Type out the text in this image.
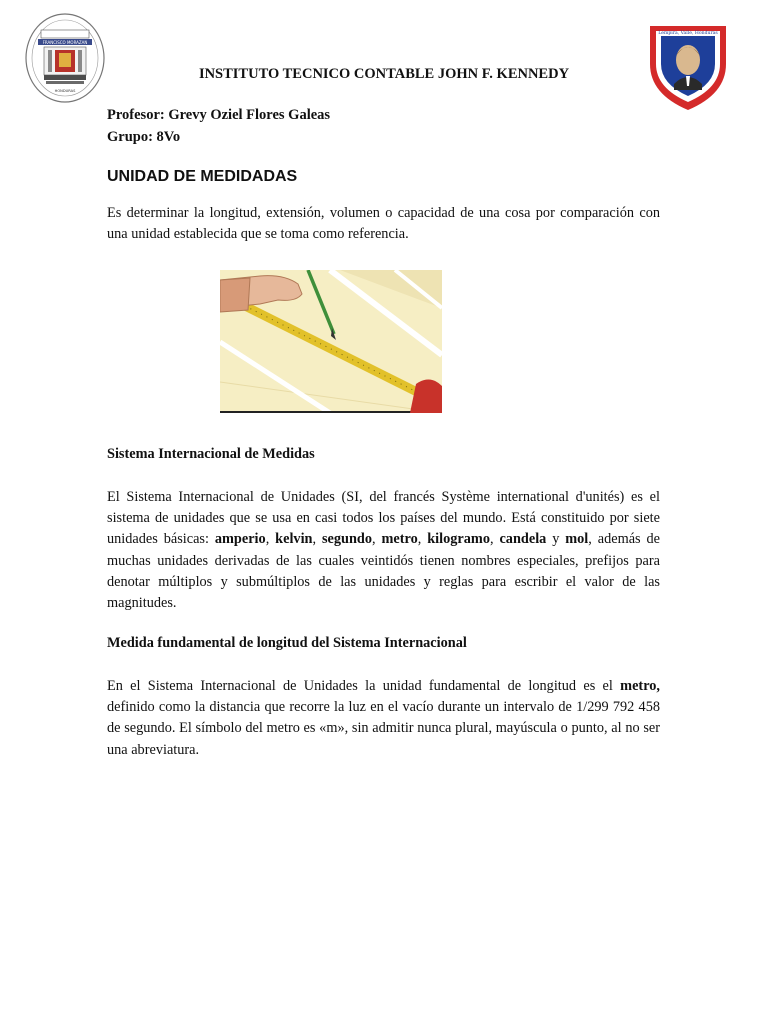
FRANCISCO MORAZAN
HONDURAS
Lempira, Valle, Honduras
INSTITUTO TECNICO CONTABLE JOHN F. KENNEDY
Profesor: Grevy Oziel Flores Galeas
Grupo: 8Vo
UNIDAD DE MEDIDADAS
Es determinar la longitud, extensión, volumen o capacidad de una cosa por comparación con una unidad establecida que se toma como referencia.
Sistema Internacional de Medidas
El Sistema Internacional de Unidades (SI, del francés Système international d'unités) es el sistema de unidades que se usa en casi todos los países del mundo. Está constituido por siete unidades básicas: amperio, kelvin, segundo, metro, kilogramo, candela y mol, además de muchas unidades derivadas de las cuales veintidós tienen nombres especiales, prefijos para denotar múltiplos y submúltiplos de las unidades y reglas para escribir el valor de las magnitudes.
Medida fundamental de longitud del Sistema Internacional
En el Sistema Internacional de Unidades la unidad fundamental de longitud es el metro, definido como la distancia que recorre la luz en el vacío durante un intervalo de 1/299 792 458 de segundo. El símbolo del metro es «m», sin admitir nunca plural, mayúscula o punto, al no ser una abreviatura.
